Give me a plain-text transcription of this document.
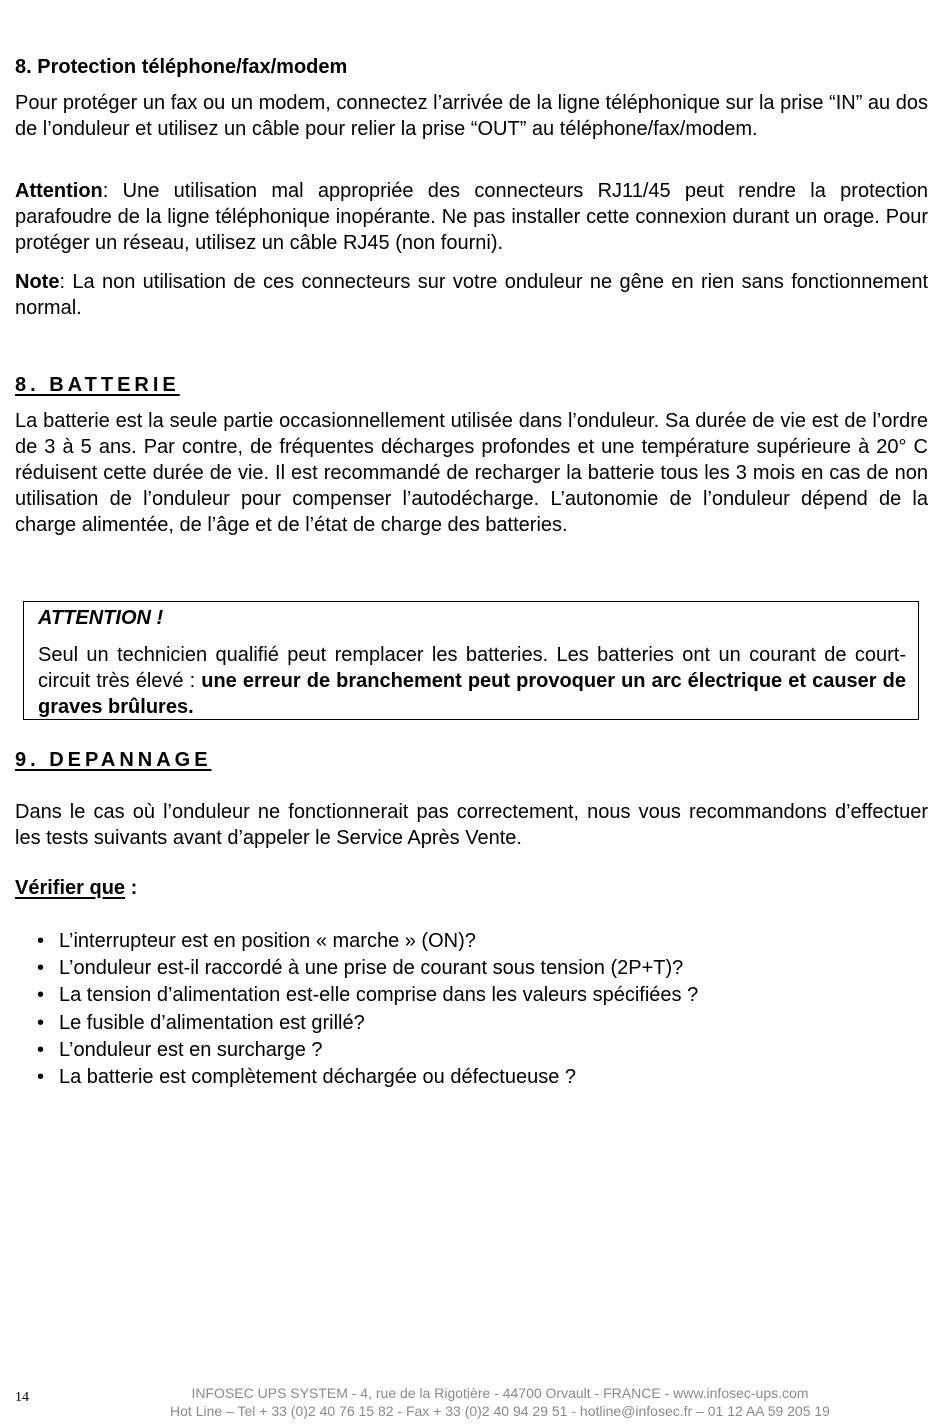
8. Protection téléphone/fax/modem

Pour protéger un fax ou un modem, connectez l’arrivée de la ligne téléphonique sur la prise “IN” au dos de l’onduleur et utilisez un câble pour relier la prise “OUT” au téléphone/fax/modem.

Attention: Une utilisation mal appropriée des connecteurs RJ11/45 peut rendre la protection parafoudre de la ligne téléphonique inopérante. Ne pas installer cette connexion durant un orage. Pour protéger un réseau, utilisez un câble RJ45 (non fourni).

Note: La non utilisation de ces connecteurs sur votre onduleur ne gêne en rien sans fonctionnement normal.

8. BATTERIE

La batterie est la seule partie occasionnellement utilisée dans l’onduleur. Sa durée de vie est de l’ordre de 3 à 5 ans. Par contre, de fréquentes décharges profondes et une température supérieure à 20° C réduisent cette durée de vie. Il est recommandé de recharger la batterie tous les 3 mois en cas de non utilisation de l’onduleur pour compenser l’autodécharge. L’autonomie de l’onduleur dépend de la charge alimentée, de l’âge et de l’état de charge des batteries.

ATTENTION !

Seul un technicien qualifié peut remplacer les batteries. Les batteries ont un courant de court-circuit très élevé : une erreur de branchement peut provoquer un arc électrique et causer de graves brûlures.

9. DEPANNAGE

Dans le cas où l’onduleur ne fonctionnerait pas correctement, nous vous recommandons d’effectuer les tests suivants avant d’appeler le Service Après Vente.

Vérifier que :
• L’interrupteur est en position « marche » (ON)?
• L’onduleur est-il raccordé à une prise de courant sous tension (2P+T)?
• La tension d’alimentation est-elle comprise dans les valeurs spécifiées ?
• Le fusible d’alimentation est grillé?
• L’onduleur est en surcharge ?
• La batterie est complètement déchargée ou défectueuse ?
14	INFOSEC UPS SYSTEM - 4, rue de la Rigotière - 44700 Orvault - FRANCE - www.infosec-ups.com
Hot Line – Tel + 33 (0)2 40 76 15 82 - Fax + 33 (0)2 40 94 29 51 - hotline@infosec.fr – 01 12 AA 59 205 19
